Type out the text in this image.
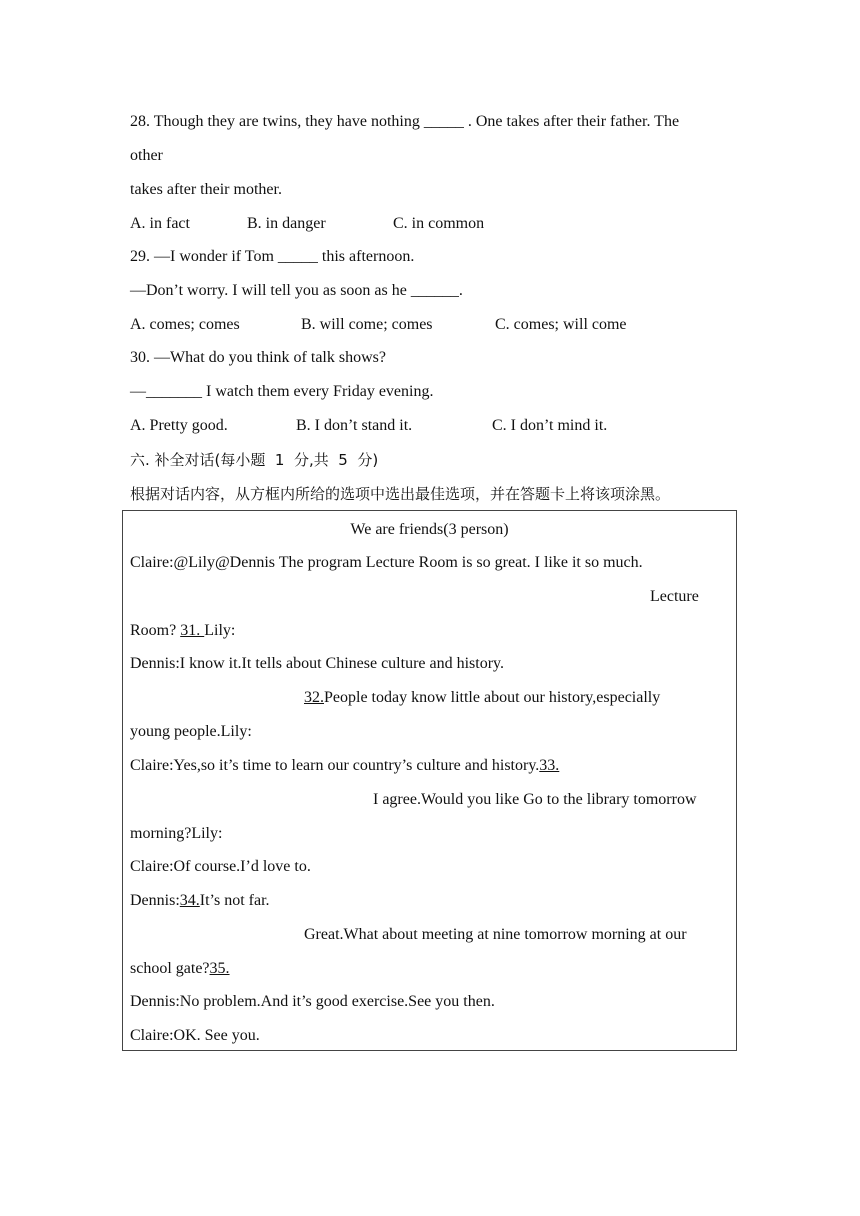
28. Though they are twins, they have nothing _____ . One takes after their father. The
other
takes after their mother.
A. in fact	B. in danger	C. in common
29. —I wonder if Tom _____ this afternoon.
—Don’t worry. I will tell you as soon as he ______.
A. comes; comes	B. will come; comes	C. comes; will come
30. —What do you think of talk shows?
—_______ I watch them every Friday evening.
A. Pretty good.	B. I don’t stand it.	C. I don’t mind it.
六. 补全对话(每小题  1  分,共  5  分)
根据对话内容，从方框内所给的选项中选出最佳选项，并在答题卡上将该项涂黑。
We are friends(3 person)
Claire:@Lily@Dennis The program Lecture Room is so great. I like it so much.
Lecture
Room? 31. Lily:
Dennis:I know it.It tells about Chinese culture and history.
32.People today know little about our history,especially
young people.Lily:
Claire:Yes,so it’s time to learn our country’s culture and history.33.
I agree.Would you like Go to the library tomorrow
morning?Lily:
Claire:Of course.I’d love to.
Dennis:34.It’s not far.
Great.What about meeting at nine tomorrow morning at our
school gate?35.
Dennis:No problem.And it’s good exercise.See you then.
Claire:OK. See you.
